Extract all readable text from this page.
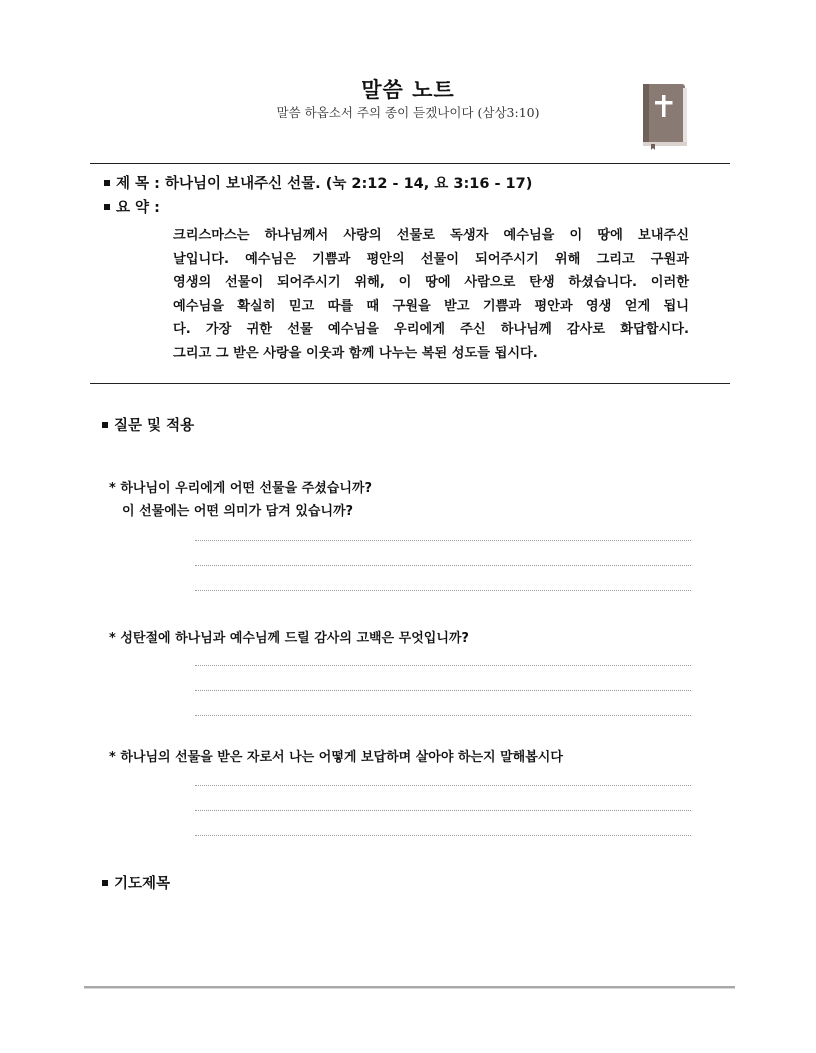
말씀 노트
말씀 하옵소서 주의 종이 듣겠나이다 (삼상3:10)
제 목 : 하나님이 보내주신 선물. (눅 2:12 - 14, 요 3:16 - 17)
요 약 :
크리스마스는 하나님께서 사랑의 선물로 독생자 예수님을 이 땅에 보내주신
날입니다. 예수님은 기쁨과 평안의 선물이 되어주시기 위해 그리고 구원과
영생의 선물이 되어주시기 위해, 이 땅에 사람으로 탄생 하셨습니다. 이러한
예수님을 확실히 믿고 따를 때 구원을 받고 기쁨과 평안과 영생 얻게 됩니
다. 가장 귀한 선물 예수님을 우리에게 주신 하나님께 감사로 화답합시다.
그리고 그 받은 사랑을 이웃과 함께 나누는 복된 성도들 됩시다.
질문 및 적용
* 하나님이 우리에게 어떤 선물을 주셨습니까?
이 선물에는 어떤 의미가 담겨 있습니까?
* 성탄절에 하나님과 예수님께 드릴 감사의 고백은 무엇입니까?
* 하나님의 선물을 받은 자로서 나는 어떻게 보답하며 살아야 하는지 말해봅시다
기도제목
